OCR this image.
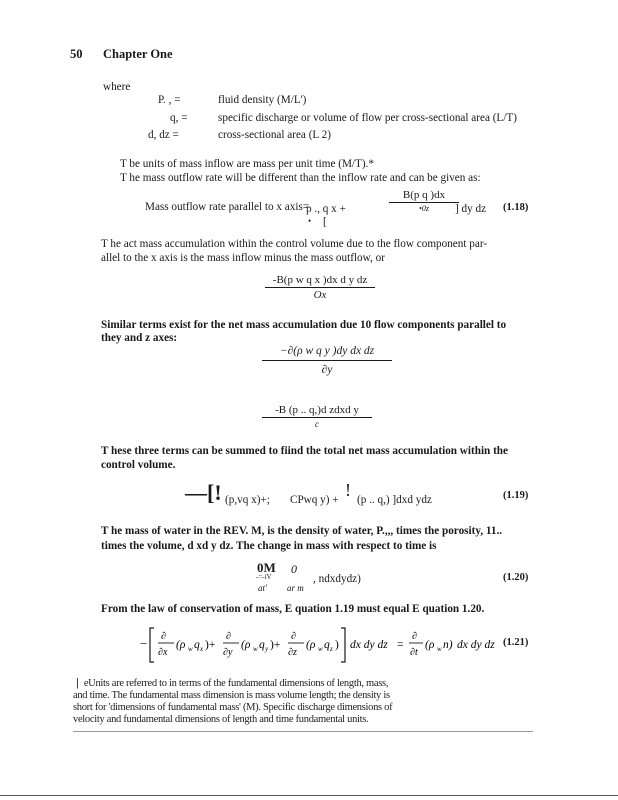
50 Chapter One
where
P. , =	fluid density (M/L')
q, =	specific discharge or volume of flow per cross-sectional area (L/T)
d, dz =	cross-sectional area (L 2)
T be units of mass inflow are mass per unit time (M/T).*
T he mass outflow rate will be different than the inflow rate and can be given as:
Mass outflow rate parallel to x axis=
p ., q x +
B(p q )dx
•0z	] dy dz
• [
(1.18)
T he act mass accumulation within the control volume due to the flow component par-
allel to the x axis is the mass inflow minus the mass outflow, or
$\frac{\text{-B(p w q x )dx d y dz}}{Ox}$
Similar terms exist for the net mass accumulation due 10 flow components parallel to
they and z axes:
$\frac{\text{−∂(ρ w q y )dy dx dz}}{\partial y}$
-B (p .. q,)d zdxd y
c
T hese three terms can be summed to fiind the total net mass accumulation within the
control volume.
—[! (p,vq x)+; CPwq y) + ! (p .. q,) ]dxd ydz	(1.19)
T he mass of water in the REV. M, is the density of water, P.,,, times the porosity, 11..
times the volume, d xd y dz. The change in mass with respect to time is
0M 0
-=-iV	, ndxdydz)
at' ar m
(1.20)
From the law of conservation of mass, E quation 1.19 must equal E quation 1.20.
− ∂
∂x
(ρ w q x )+
∂
∂y
(ρ w q y )+
∂
∂z
(ρ w q z ) dx dy dz =
∂
∂t
(ρ w n) dx dy dz (1.21)
❘ eUnits are referred to in terms of the fundamental dimensions of length, mass,
and time. The fundamental mass dimension is mass volume length; the density is
short for 'dimensions of fundamental mass' (M). Specific discharge dimensions of
velocity and fundamental dimensions of length and time fundamental units.
